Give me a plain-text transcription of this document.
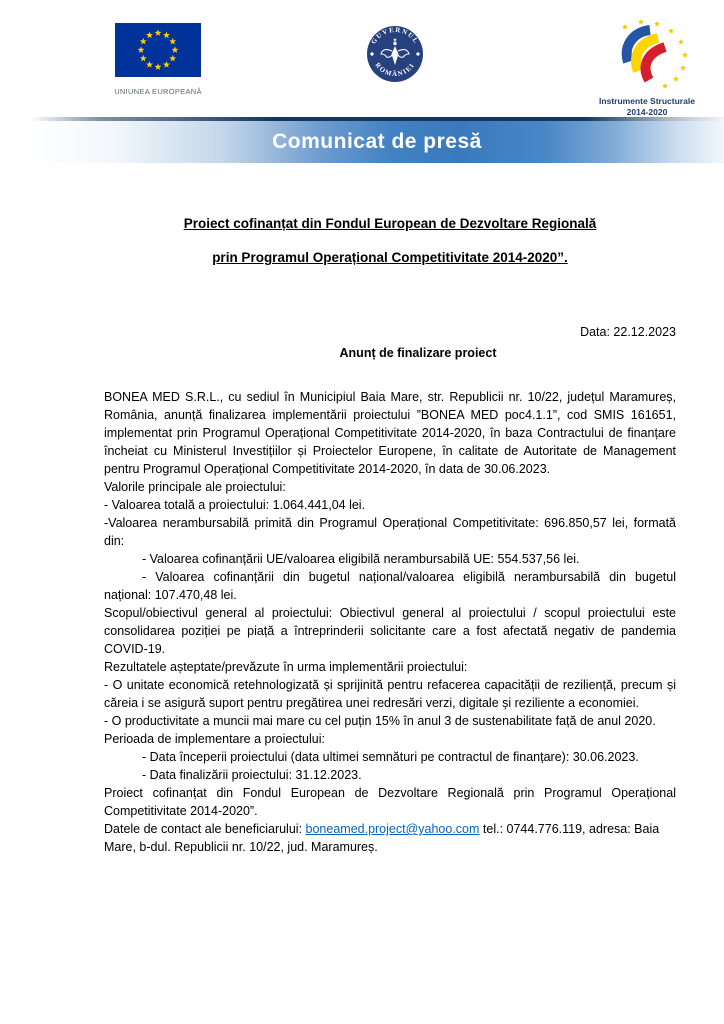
UNIUNEA EUROPEANĂ
GUVERNUL
ROMÂNIEI
Instrumente Structurale
2014-2020
Comunicat de presă

Proiect cofinanțat din Fondul European de Dezvoltare Regională

prin Programul Operațional Competitivitate 2014-2020”.

Data: 22.12.2023
Anunț de finalizare proiect

BONEA MED S.R.L., cu sediul în Municipiul Baia Mare, str. Republicii nr. 10/22, județul Maramureș, România, anunță finalizarea implementării proiectului ”BONEA MED poc4.1.1”, cod SMIS 161651, implementat prin Programul Operațional Competitivitate 2014-2020, în baza Contractului de finanțare încheiat cu Ministerul Investițiilor și Proiectelor Europene, în calitate de Autoritate de Management pentru Programul Operațional Competitivitate 2014-2020, în data de 30.06.2023.

Valorile principale ale proiectului:

- Valoarea totală a proiectului: 1.064.441,04 lei.

-Valoarea nerambursabilă primită din Programul Operațional Competitivitate: 696.850,57 lei, formată din:

- Valoarea cofinanțării UE/valoarea eligibilă nerambursabilă UE: 554.537,56 lei.

- Valoarea cofinanțării din bugetul național/valoarea eligibilă nerambursabilă din bugetul național: 107.470,48 lei.

Scopul/obiectivul general al proiectului: Obiectivul general al proiectului / scopul proiectului este consolidarea poziției pe piață a întreprinderii solicitante care a fost afectată negativ de pandemia COVID-19.

Rezultatele așteptate/prevăzute în urma implementării proiectului:

- O unitate economică retehnologizată și sprijinită pentru refacerea capacității de reziliență, precum și căreia i se asigură suport pentru pregătirea unei redresări verzi, digitale și reziliente a economiei.

- O productivitate a muncii mai mare cu cel puțin 15% în anul 3 de sustenabilitate față de anul 2020.

Perioada de implementare a proiectului:

- Data începerii proiectului (data ultimei semnături pe contractul de finanțare): 30.06.2023.

- Data finalizării proiectului: 31.12.2023.

Proiect cofinanțat din Fondul European de Dezvoltare Regională prin Programul Operațional Competitivitate 2014-2020”.

Datele de contact ale beneficiarului: boneamed.project@yahoo.com tel.: 0744.776.119, adresa: Baia Mare, b-dul. Republicii nr. 10/22, jud. Maramureș.
